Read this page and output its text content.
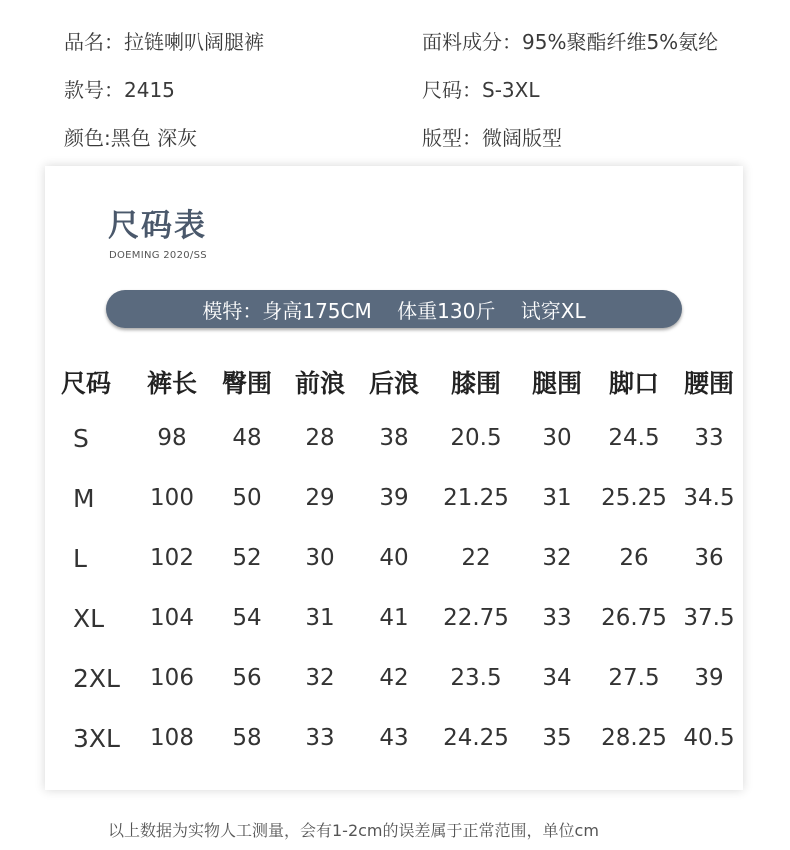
品名：拉链喇叭阔腿裤	面料成分：95%聚酯纤维5%氨纶
款号：2415	尺码：S-3XL
颜色:黑色 深灰	版型：微阔版型
尺码表
DOEMING 2020/SS
模特：身高175CM    体重130斤    试穿XL
尺码	裤长	臀围	前浪	后浪	膝围	腿围	脚口	腰围
S	98	48	28	38	20.5	30	24.5	33
M	100	50	29	39	21.25	31	25.25	34.5
L	102	52	30	40	22	32	26	36
XL	104	54	31	41	22.75	33	26.75	37.5
2XL	106	56	32	42	23.5	34	27.5	39
3XL	108	58	33	43	24.25	35	28.25	40.5
以上数据为实物人工测量，会有1-2cm的误差属于正常范围，单位cm
